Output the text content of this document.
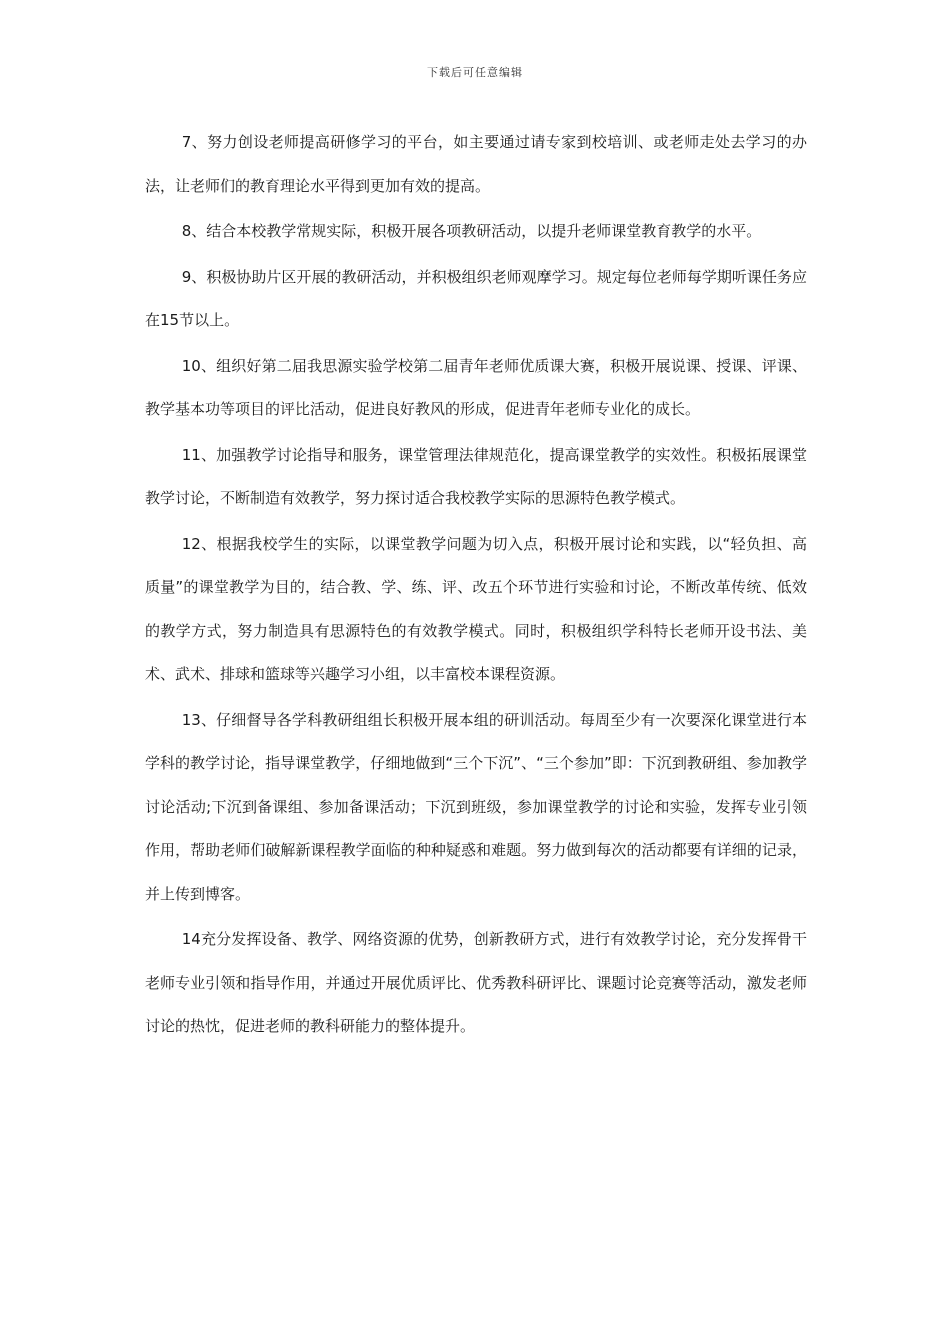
下载后可任意编辑

7、努力创设老师提高研修学习的平台，如主要通过请专家到校培训、或老师走处去学习的办法，让老师们的教育理论水平得到更加有效的提高。

8、结合本校教学常规实际，积极开展各项教研活动，以提升老师课堂教育教学的水平。

9、积极协助片区开展的教研活动，并积极组织老师观摩学习。规定每位老师每学期听课任务应在15节以上。

10、组织好第二届我思源实验学校第二届青年老师优质课大赛，积极开展说课、授课、评课、教学基本功等项目的评比活动，促进良好教风的形成，促进青年老师专业化的成长。

11、加强教学讨论指导和服务，课堂管理法律规范化，提高课堂教学的实效性。积极拓展课堂教学讨论，不断制造有效教学，努力探讨适合我校教学实际的思源特色教学模式。

12、根据我校学生的实际，以课堂教学问题为切入点，积极开展讨论和实践，以“轻负担、高质量”的课堂教学为目的，结合教、学、练、评、改五个环节进行实验和讨论，不断改革传统、低效的教学方式，努力制造具有思源特色的有效教学模式。同时，积极组织学科特长老师开设书法、美术、武术、排球和篮球等兴趣学习小组，以丰富校本课程资源。

13、仔细督导各学科教研组组长积极开展本组的研训活动。每周至少有一次要深化课堂进行本学科的教学讨论，指导课堂教学，仔细地做到“三个下沉”、“三个参加”即：下沉到教研组、参加教学讨论活动;下沉到备课组、参加备课活动；下沉到班级，参加课堂教学的讨论和实验，发挥专业引领作用，帮助老师们破解新课程教学面临的种种疑惑和难题。努力做到每次的活动都要有详细的记录，并上传到博客。

14充分发挥设备、教学、网络资源的优势，创新教研方式，进行有效教学讨论，充分发挥骨干老师专业引领和指导作用，并通过开展优质评比、优秀教科研评比、课题讨论竞赛等活动，激发老师讨论的热忱，促进老师的教科研能力的整体提升。
